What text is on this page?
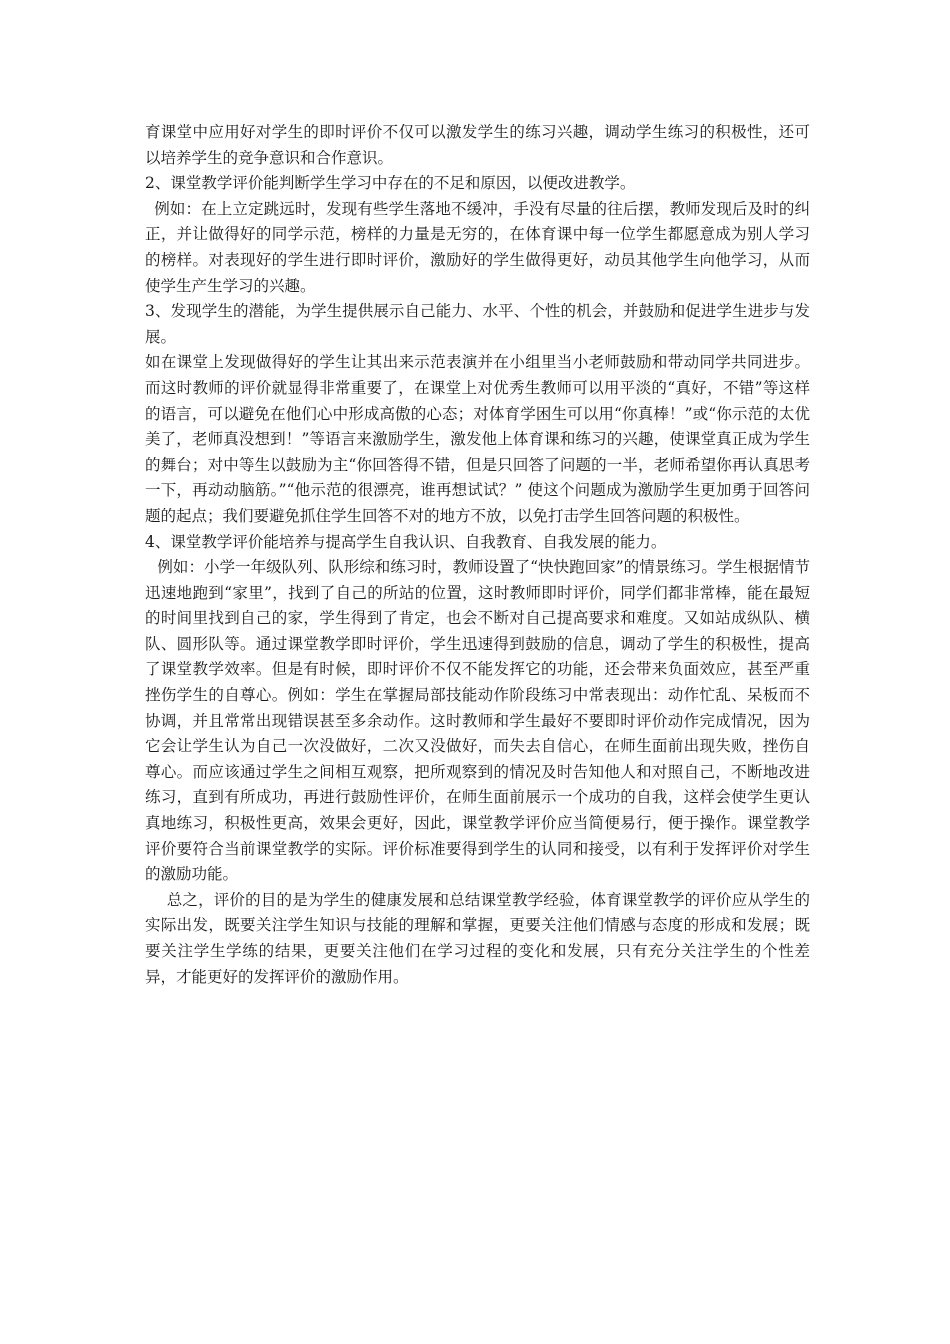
育课堂中应用好对学生的即时评价不仅可以激发学生的练习兴趣，调动学生练习的积极性，还可以培养学生的竞争意识和合作意识。

2、课堂教学评价能判断学生学习中存在的不足和原因，以便改进教学。

例如：在上立定跳远时，发现有些学生落地不缓冲，手没有尽量的往后摆，教师发现后及时的纠正，并让做得好的同学示范，榜样的力量是无穷的，在体育课中每一位学生都愿意成为别人学习的榜样。对表现好的学生进行即时评价，激励好的学生做得更好，动员其他学生向他学习，从而使学生产生学习的兴趣。

3、发现学生的潜能，为学生提供展示自己能力、水平、个性的机会，并鼓励和促进学生进步与发展。

如在课堂上发现做得好的学生让其出来示范表演并在小组里当小老师鼓励和带动同学共同进步。而这时教师的评价就显得非常重要了，在课堂上对优秀生教师可以用平淡的“真好，不错”等这样的语言，可以避免在他们心中形成高傲的心态；对体育学困生可以用“你真棒！”或“你示范的太优美了，老师真没想到！”等语言来激励学生，激发他上体育课和练习的兴趣，使课堂真正成为学生的舞台；对中等生以鼓励为主“你回答得不错，但是只回答了问题的一半，老师希望你再认真思考一下，再动动脑筋。”“他示范的很漂亮，谁再想试试？” 使这个问题成为激励学生更加勇于回答问题的起点；我们要避免抓住学生回答不对的地方不放，以免打击学生回答问题的积极性。

4、课堂教学评价能培养与提高学生自我认识、自我教育、自我发展的能力。

例如：小学一年级队列、队形综和练习时，教师设置了“快快跑回家”的情景练习。学生根据情节迅速地跑到“家里”，找到了自己的所站的位置，这时教师即时评价，同学们都非常棒，能在最短的时间里找到自己的家，学生得到了肯定，也会不断对自己提高要求和难度。又如站成纵队、横队、圆形队等。通过课堂教学即时评价，学生迅速得到鼓励的信息，调动了学生的积极性，提高了课堂教学效率。但是有时候，即时评价不仅不能发挥它的功能，还会带来负面效应，甚至严重挫伤学生的自尊心。例如：学生在掌握局部技能动作阶段练习中常表现出：动作忙乱、呆板而不协调，并且常常出现错误甚至多余动作。这时教师和学生最好不要即时评价动作完成情况，因为它会让学生认为自己一次没做好，二次又没做好，而失去自信心，在师生面前出现失败，挫伤自尊心。而应该通过学生之间相互观察，把所观察到的情况及时告知他人和对照自己，不断地改进练习，直到有所成功，再进行鼓励性评价，在师生面前展示一个成功的自我，这样会使学生更认真地练习，积极性更高，效果会更好，因此，课堂教学评价应当简便易行，便于操作。课堂教学评价要符合当前课堂教学的实际。评价标准要得到学生的认同和接受，以有利于发挥评价对学生的激励功能。

总之，评价的目的是为学生的健康发展和总结课堂教学经验，体育课堂教学的评价应从学生的实际出发，既要关注学生知识与技能的理解和掌握，更要关注他们情感与态度的形成和发展；既要关注学生学练的结果，更要关注他们在学习过程的变化和发展，只有充分关注学生的个性差异，才能更好的发挥评价的激励作用。
